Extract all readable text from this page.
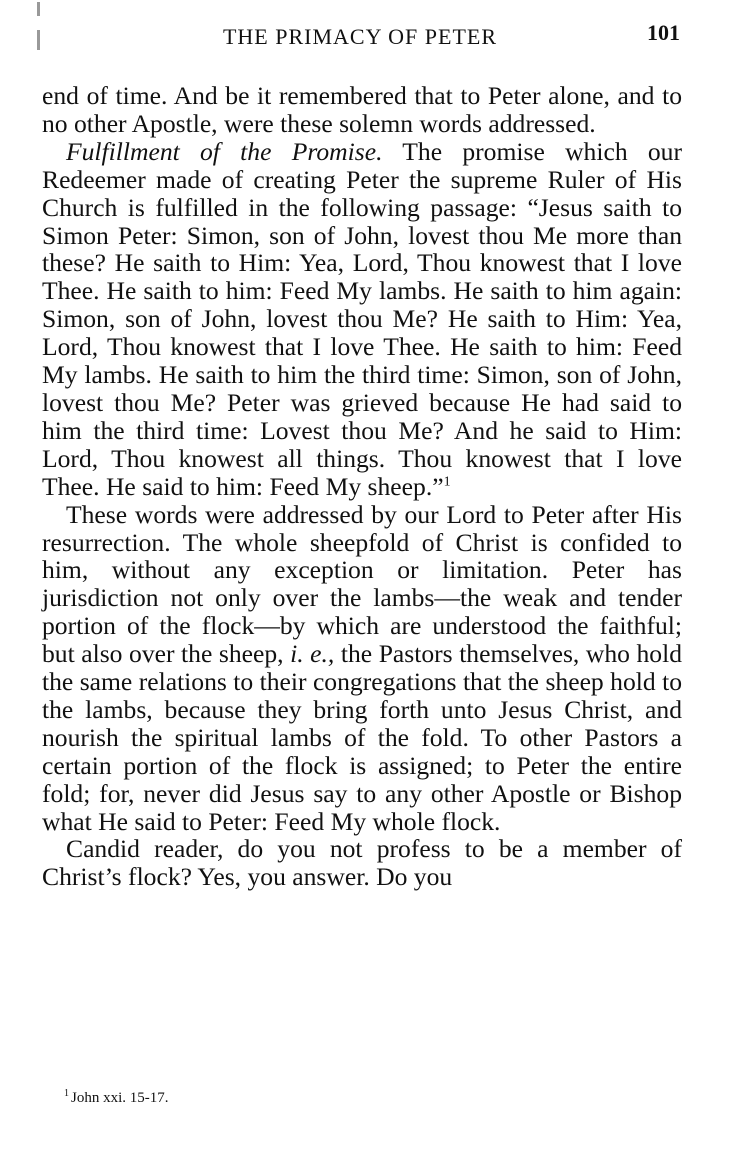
THE PRIMACY OF PETER	101

end of time. And be it remembered that to Peter alone, and to no other Apostle, were these solemn words addressed.

Fulfillment of the Promise. The promise which our Redeemer made of creating Peter the supreme Ruler of His Church is fulfilled in the following passage: “Jesus saith to Simon Peter: Simon, son of John, lovest thou Me more than these? He saith to Him: Yea, Lord, Thou knowest that I love Thee. He saith to him: Feed My lambs. He saith to him again: Simon, son of John, lovest thou Me? He saith to Him: Yea, Lord, Thou knowest that I love Thee. He saith to him: Feed My lambs. He saith to him the third time: Simon, son of John, lovest thou Me? Peter was grieved because He had said to him the third time: Lovest thou Me? And he said to Him: Lord, Thou knowest all things. Thou knowest that I love Thee. He said to him: Feed My sheep.”$^1$

These words were addressed by our Lord to Peter after His resurrection. The whole sheepfold of Christ is confided to him, without any exception or limitation. Peter has jurisdiction not only over the lambs—the weak and tender portion of the flock—by which are understood the faithful; but also over the sheep, i. e., the Pastors themselves, who hold the same relations to their congregations that the sheep hold to the lambs, because they bring forth unto Jesus Christ, and nourish the spiritual lambs of the fold. To other Pastors a certain portion of the flock is assigned; to Peter the entire fold; for, never did Jesus say to any other Apostle or Bishop what He said to Peter: Feed My whole flock.

Candid reader, do you not profess to be a member of Christ’s flock? Yes, you answer. Do you

$^1$ John xxi. 15-17.
